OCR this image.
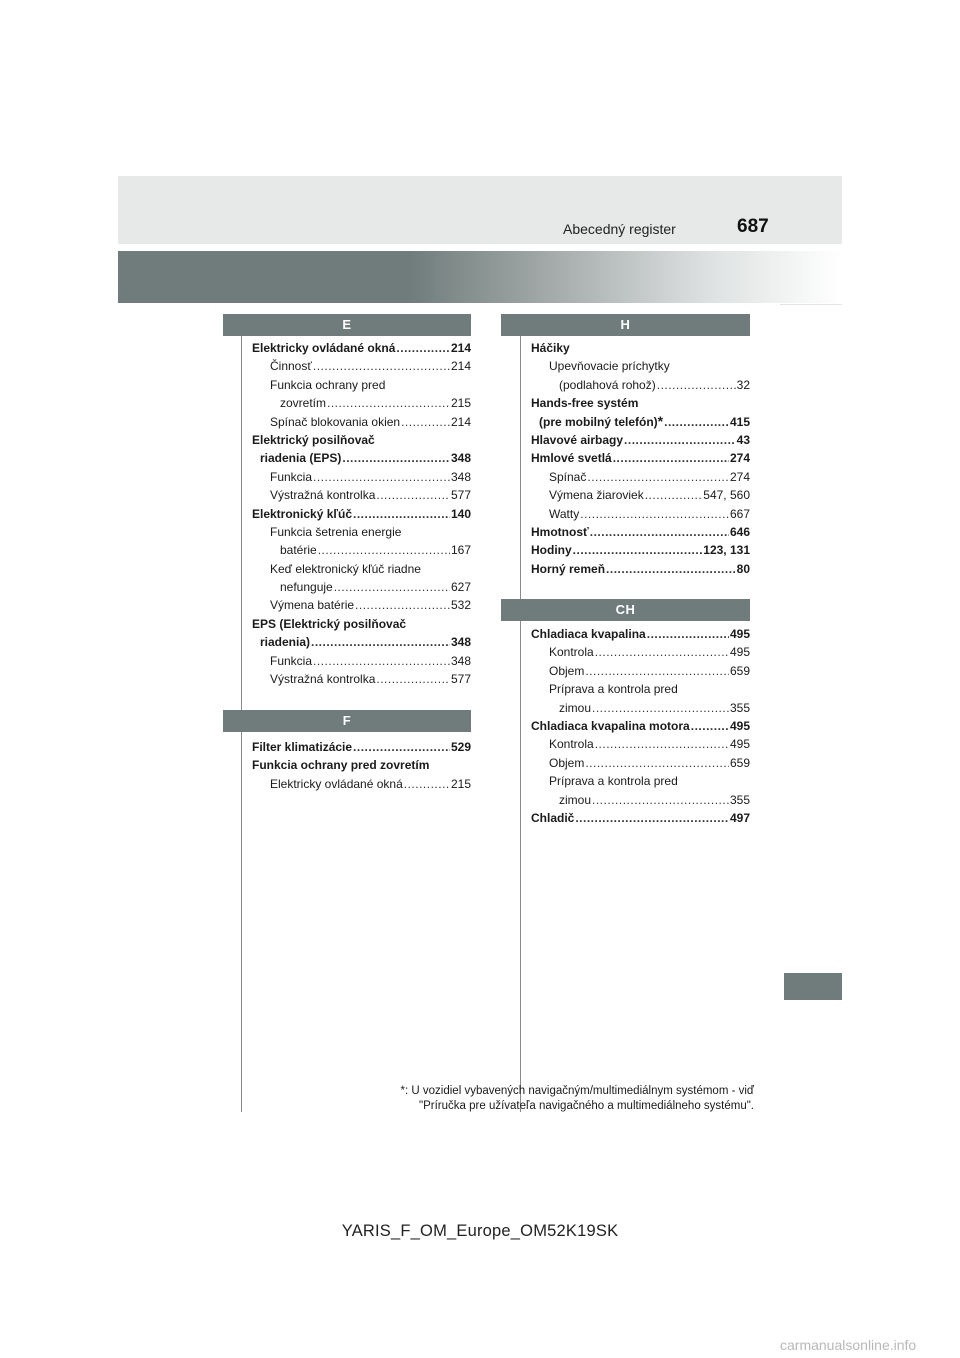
Abecedný register	687
E
Elektricky ovládané okná .....	214
Činnosť .....	214
Funkcia ochrany pred
zovretím .....	215
Spínač blokovania okien .....	214
Elektrický posilňovač
riadenia (EPS) .....	348
Funkcia .....	348
Výstražná kontrolka .....	577
Elektronický kľúč .....	140
Funkcia šetrenia energie
batérie .....	167
Keď elektronický kľúč riadne
nefunguje .....	627
Výmena batérie .....	532
EPS (Elektrický posilňovač
riadenia) .....	348
Funkcia .....	348
Výstražná kontrolka .....	577
F
Filter klimatizácie .....	529
Funkcia ochrany pred zovretím
Elektricky ovládané okná .....	215
H
Háčiky
Upevňovacie príchytky
(podlahová rohož) .....	32
Hands-free systém
(pre mobilný telefón) * .....	415
Hlavové airbagy .....	43
Hmlové svetlá .....	274
Spínač .....	274
Výmena žiaroviek .....	547, 560
Watty .....	667
Hmotnosť .....	646
Hodiny .....	123, 131
Horný remeň .....	80
CH
Chladiaca kvapalina .....	495
Kontrola .....	495
Objem .....	659
Príprava a kontrola pred
zimou .....	355
Chladiaca kvapalina motora .....	495
Kontrola .....	495
Objem .....	659
Príprava a kontrola pred
zimou .....	355
Chladič .....	497
*: U vozidiel vybavených navigačným/multimediálnym systémom - viď
"Príručka pre užívateľa navigačného a multimediálneho systému".
YARIS_F_OM_Europe_OM52K19SK
carmanualsonline.info
